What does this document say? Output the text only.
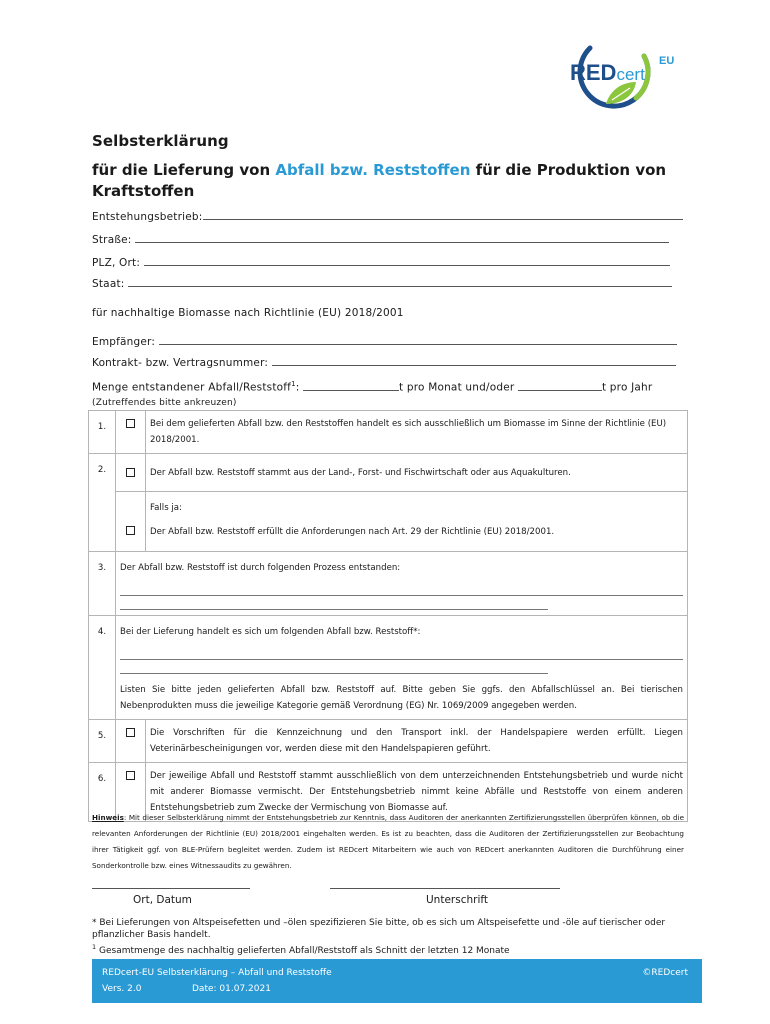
REDcert
EU
Selbsterklärung
für die Lieferung von Abfall bzw. Reststoffen für die Produktion von Kraftstoffen
Entstehungsbetrieb:
Straße:
PLZ, Ort:
Staat:
für nachhaltige Biomasse nach Richtlinie (EU) 2018/2001
Empfänger:
Kontrakt- bzw. Vertragsnummer:
Menge entstandener Abfall/Reststoff$^1$:	t pro Monat und/oder	t pro Jahr
(Zutreffendes bitte ankreuzen)
1.		Bei dem gelieferten Abfall bzw. den Reststoffen handelt es sich ausschließlich um Biomasse im Sinne der Richtlinie (EU) 2018/2001.
2.		Der Abfall bzw. Reststoff stammt aus der Land-, Forst- und Fischwirtschaft oder aus Aquakulturen.
		Falls ja:
		Der Abfall bzw. Reststoff erfüllt die Anforderungen nach Art. 29 der Richtlinie (EU) 2018/2001.
3.	Der Abfall bzw. Reststoff ist durch folgenden Prozess entstanden:	

4.	Bei der Lieferung handelt es sich um folgenden Abfall bzw. Reststoff*:
Listen Sie bitte jeden gelieferten Abfall bzw. Reststoff auf. Bitte geben Sie ggfs. den Abfallschlüssel an. Bei tierischen Nebenprodukten muss die jeweilige Kategorie gemäß Verordnung (EG) Nr. 1069/2009 angegeben werden.	

5.		Die Vorschriften für die Kennzeichnung und den Transport inkl. der Handelspapiere werden erfüllt. Liegen Veterinärbescheinigungen vor, werden diese mit den Handelspapieren geführt.
6.		Der jeweilige Abfall und Reststoff stammt ausschließlich von dem unterzeichnenden Entstehungsbetrieb und wurde nicht mit anderer Biomasse vermischt. Der Entstehungsbetrieb nimmt keine Abfälle und Reststoffe von einem anderen Entstehungsbetrieb zum Zwecke der Vermischung von Biomasse auf.
Hinweis: Mit dieser Selbsterklärung nimmt der Entstehungsbetrieb zur Kenntnis, dass Auditoren der anerkannten Zertifizierungsstellen überprüfen können, ob die relevanten Anforderungen der Richtlinie (EU) 2018/2001 eingehalten werden. Es ist zu beachten, dass die Auditoren der Zertifizierungsstellen zur Beobachtung ihrer Tätigkeit ggf. von BLE-Prüfern begleitet werden. Zudem ist REDcert Mitarbeitern wie auch von REDcert anerkannten Auditoren die Durchführung einer Sonderkontrolle bzw. eines Witnessaudits zu gewähren.
Ort, Datum	Unterschrift
* Bei Lieferungen von Altspeisefetten und –ölen spezifizieren Sie bitte, ob es sich um Altspeisefette und -öle auf tierischer oder pflanzlicher Basis handelt.
$^1$ Gesamtmenge des nachhaltig gelieferten Abfall/Reststoff als Schnitt der letzten 12 Monate
REDcert-EU Selbsterklärung – Abfall und Reststoffe
Vers. 2.0	Date: 01.07.2021
©REDcert
